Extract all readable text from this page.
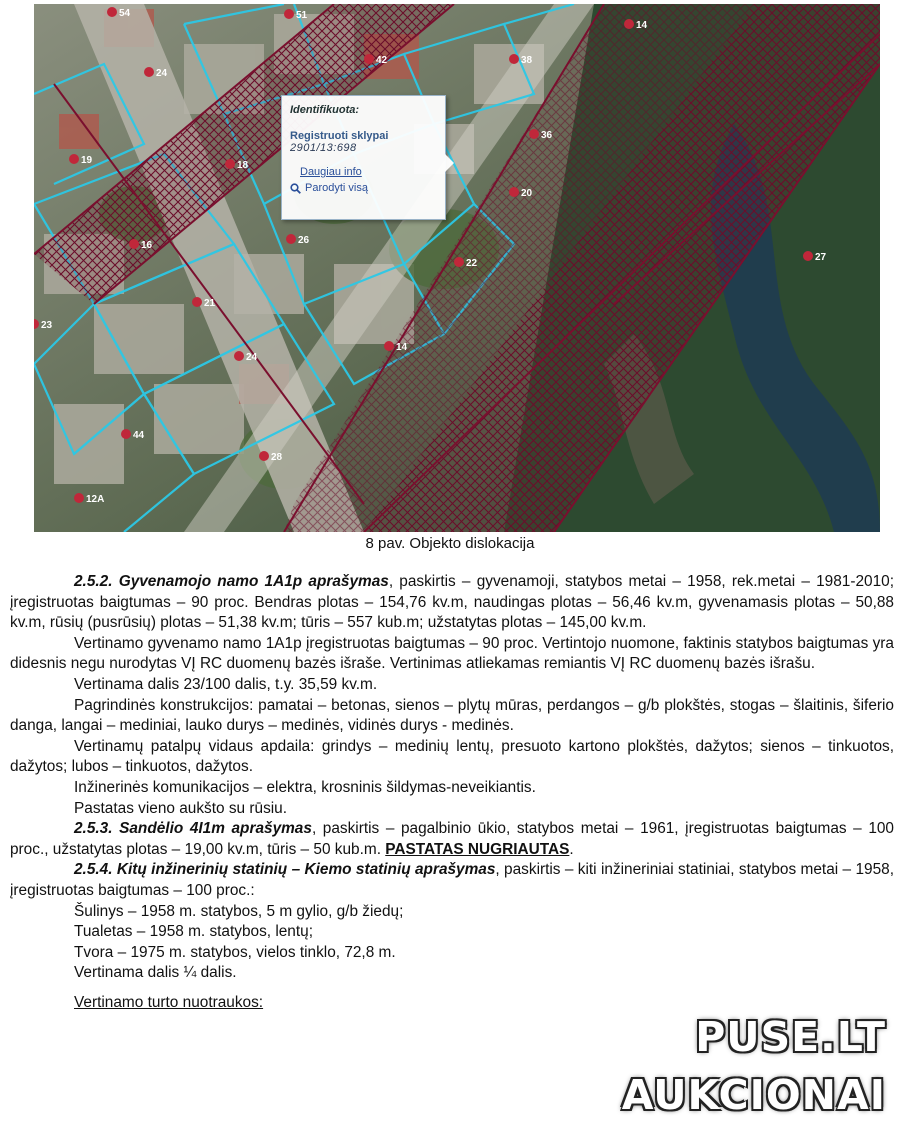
54	51
42
14
24
19
38
36
18
20
26
22
16
21
23
14
24
44
28
12A
27
Identifikuota:
Registruoti sklypai
2901/13:698
Daugiau info
Parodyti visą
8 pav. Objekto dislokacija

2.5.2. Gyvenamojo namo 1A1p aprašymas, paskirtis – gyvenamoji, statybos metai – 1958, rek.metai – 1981-2010; įregistruotas baigtumas – 90 proc. Bendras plotas – 154,76 kv.m, naudingas plotas – 56,46 kv.m, gyvenamasis plotas – 50,88 kv.m, rūsių (pusrūsių) plotas – 51,38 kv.m; tūris – 557 kub.m; užstatytas plotas – 145,00 kv.m.

Vertinamo gyvenamo namo 1A1p įregistruotas baigtumas – 90 proc. Vertintojo nuomone, faktinis statybos baigtumas yra didesnis negu nurodytas VĮ RC duomenų bazės išraše. Vertinimas atliekamas remiantis VĮ RC duomenų bazės išrašu.

Vertinama dalis 23/100 dalis, t.y. 35,59 kv.m.

Pagrindinės konstrukcijos: pamatai – betonas, sienos – plytų mūras, perdangos – g/b plokštės, stogas – šlaitinis, šiferio danga, langai – mediniai, lauko durys – medinės, vidinės durys - medinės.

Vertinamų patalpų vidaus apdaila: grindys – medinių lentų, presuoto kartono plokštės, dažytos; sienos – tinkuotos, dažytos; lubos – tinkuotos, dažytos.

Inžinerinės komunikacijos – elektra, krosninis šildymas-neveikiantis.

Pastatas vieno aukšto su rūsiu.

2.5.3. Sandėlio 4I1m aprašymas, paskirtis – pagalbinio ūkio, statybos metai – 1961, įregistruotas baigtumas – 100 proc., užstatytas plotas – 19,00 kv.m, tūris – 50 kub.m. PASTATAS NUGRIAUTAS.

2.5.4. Kitų inžinerinių statinių – Kiemo statinių aprašymas, paskirtis – kiti inžineriniai statiniai, statybos metai – 1958, įregistruotas baigtumas – 100 proc.:

Šulinys – 1958 m. statybos, 5 m gylio, g/b žiedų;

Tualetas – 1958 m. statybos, lentų;

Tvora – 1975 m. statybos, vielos tinklo, 72,8 m.

Vertinama dalis ¼ dalis.

Vertinamo turto nuotraukos:

PUSE.LT
AUKCIONAI
